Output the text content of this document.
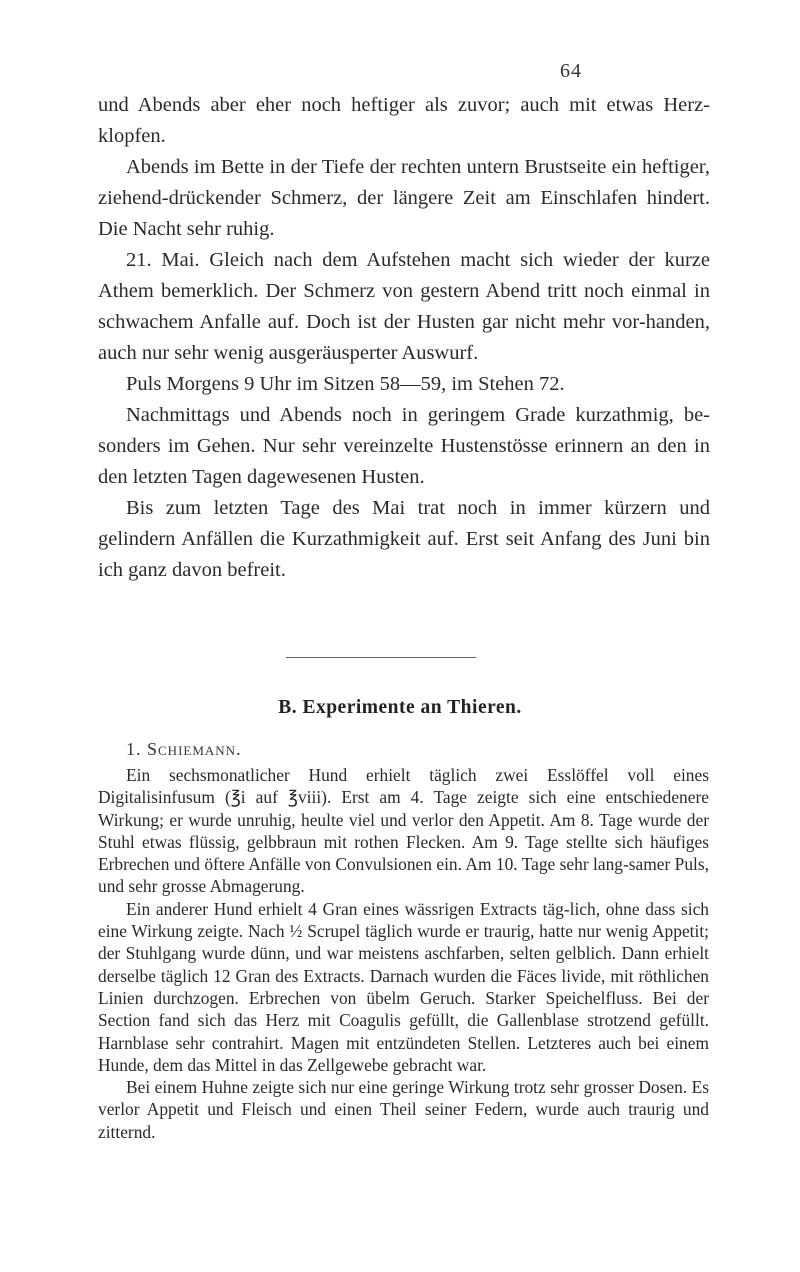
64

und Abends aber eher noch heftiger als zuvor; auch mit etwas Herz-klopfen.

Abends im Bette in der Tiefe der rechten untern Brustseite ein heftiger, ziehend-drückender Schmerz, der längere Zeit am Einschlafen hindert. Die Nacht sehr ruhig.

21. Mai. Gleich nach dem Aufstehen macht sich wieder der kurze Athem bemerklich. Der Schmerz von gestern Abend tritt noch einmal in schwachem Anfalle auf. Doch ist der Husten gar nicht mehr vor-handen, auch nur sehr wenig ausgeräusperter Auswurf.

Puls Morgens 9 Uhr im Sitzen 58—59, im Stehen 72.

Nachmittags und Abends noch in geringem Grade kurzathmig, be-sonders im Gehen. Nur sehr vereinzelte Hustenstösse erinnern an den in den letzten Tagen dagewesenen Husten.

Bis zum letzten Tage des Mai trat noch in immer kürzern und gelindern Anfällen die Kurzathmigkeit auf. Erst seit Anfang des Juni bin ich ganz davon befreit.

B. Experimente an Thieren.
1. Schiemann.

Ein sechsmonatlicher Hund erhielt täglich zwei Esslöffel voll eines Digitalisinfusum (℥i auf ℥viii). Erst am 4. Tage zeigte sich eine entschiedenere Wirkung; er wurde unruhig, heulte viel und verlor den Appetit. Am 8. Tage wurde der Stuhl etwas flüssig, gelbbraun mit rothen Flecken. Am 9. Tage stellte sich häufiges Erbrechen und öftere Anfälle von Convulsionen ein. Am 10. Tage sehr lang-samer Puls, und sehr grosse Abmagerung.

Ein anderer Hund erhielt 4 Gran eines wässrigen Extracts täg-lich, ohne dass sich eine Wirkung zeigte. Nach ½ Scrupel täglich wurde er traurig, hatte nur wenig Appetit; der Stuhlgang wurde dünn, und war meistens aschfarben, selten gelblich. Dann erhielt derselbe täglich 12 Gran des Extracts. Darnach wurden die Fäces livide, mit röthlichen Linien durchzogen. Erbrechen von übelm Geruch. Starker Speichelfluss. Bei der Section fand sich das Herz mit Coagulis gefüllt, die Gallenblase strotzend gefüllt. Harnblase sehr contrahirt. Magen mit entzündeten Stellen. Letzteres auch bei einem Hunde, dem das Mittel in das Zellgewebe gebracht war.

Bei einem Huhne zeigte sich nur eine geringe Wirkung trotz sehr grosser Dosen. Es verlor Appetit und Fleisch und einen Theil seiner Federn, wurde auch traurig und zitternd.
